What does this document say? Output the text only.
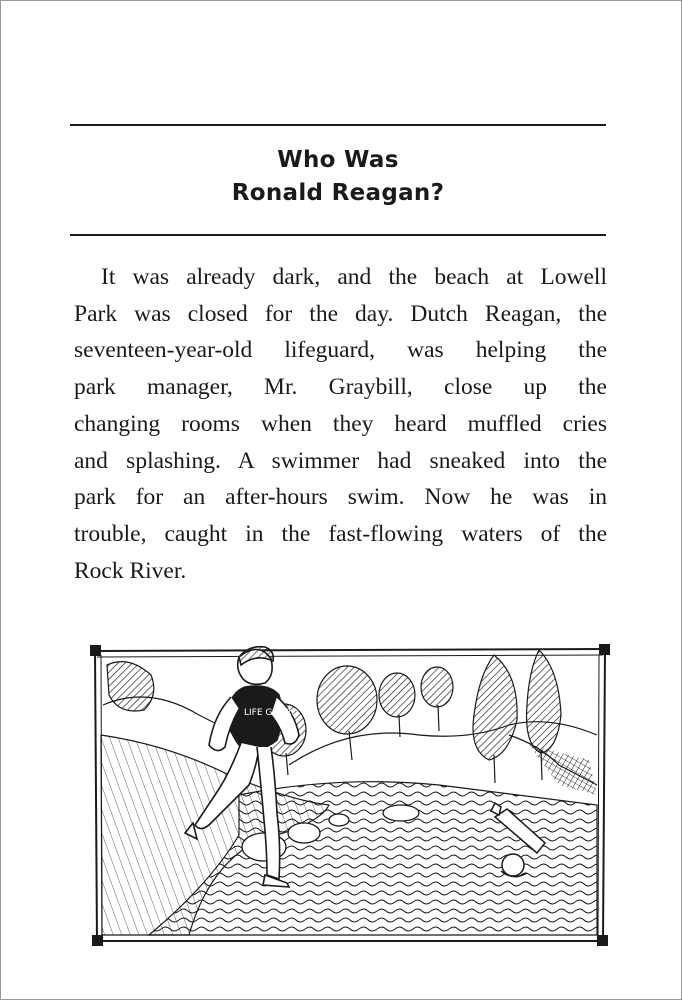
Who Was
Ronald Reagan?

It was already dark, and the beach at Lowell
Park was closed for the day. Dutch Reagan, the
seventeen-year-old lifeguard, was helping the
park manager, Mr. Graybill, close up the
changing rooms when they heard muffled cries
and splashing. A swimmer had sneaked into the
park for an after-hours swim. Now he was in
trouble, caught in the fast-flowing waters of the
Rock River.

LIFE GUARD
